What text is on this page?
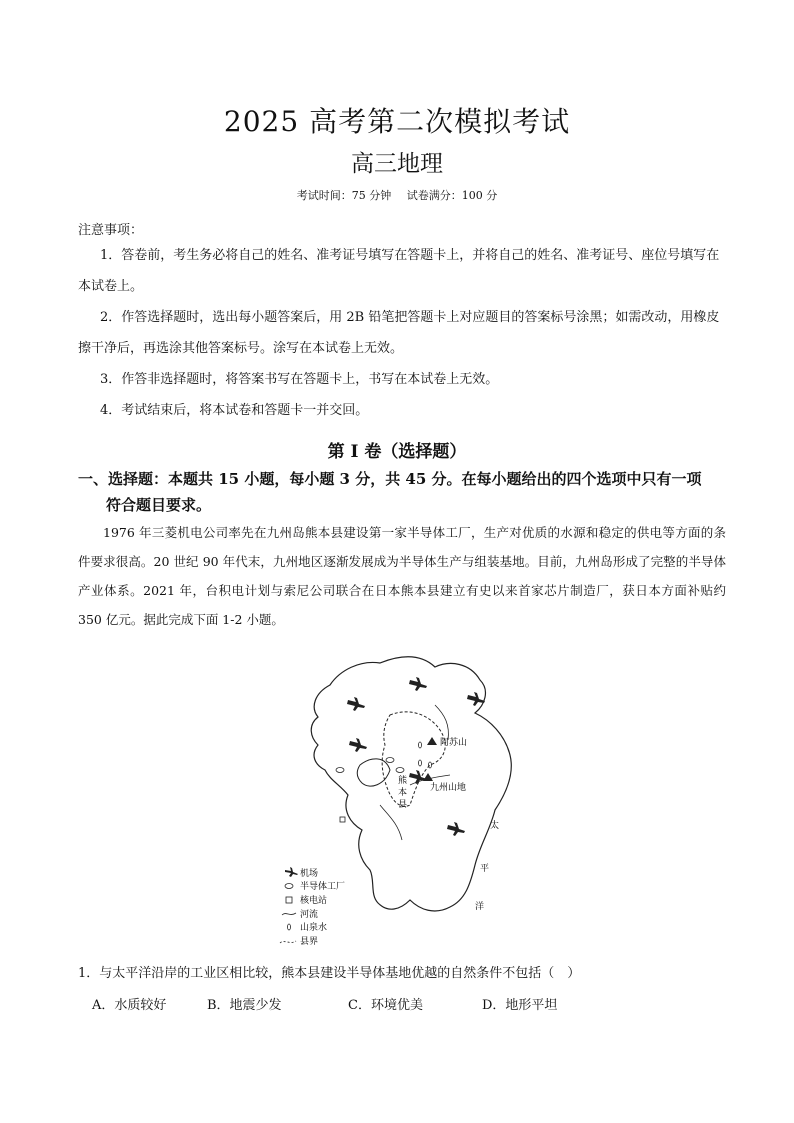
2025 高考第二次模拟考试
高三地理
考试时间：75 分钟 试卷满分：100 分
注意事项：

1．答卷前，考生务必将自己的姓名、准考证号填写在答题卡上，并将自己的姓名、准考证号、座位号填写在本试卷上。

2．作答选择题时，选出每小题答案后，用 2B 铅笔把答题卡上对应题目的答案标号涂黑；如需改动，用橡皮擦干净后，再选涂其他答案标号。涂写在本试卷上无效。

3．作答非选择题时，将答案书写在答题卡上，书写在本试卷上无效。

4．考试结束后，将本试卷和答题卡一并交回。

第 I 卷（选择题）
一、选择题：本题共 15 小题，每小题 3 分，共 45 分。在每小题给出的四个选项中只有一项
符合题目要求。

1976 年三菱机电公司率先在九州岛熊本县建设第一家半导体工厂，生产对优质的水源和稳定的供电等方面的条件要求很高。20 世纪 90 年代末，九州地区逐渐发展成为半导体生产与组装基地。目前，九州岛形成了完整的半导体产业体系。2021 年，台积电计划与索尼公司联合在日本熊本县建立有史以来首家芯片制造厂，获日本方面补贴约 350 亿元。据此完成下面 1-2 小题。

阿苏山
九州山地
熊
本
县
太
平
洋
机场
半导体工厂
核电站
河流
山泉水
县界
1．与太平洋沿岸的工业区相比较，熊本县建设半导体基地优越的自然条件不包括（　）
A．水质较好	B．地震少发	C．环境优美	D．地形平坦
